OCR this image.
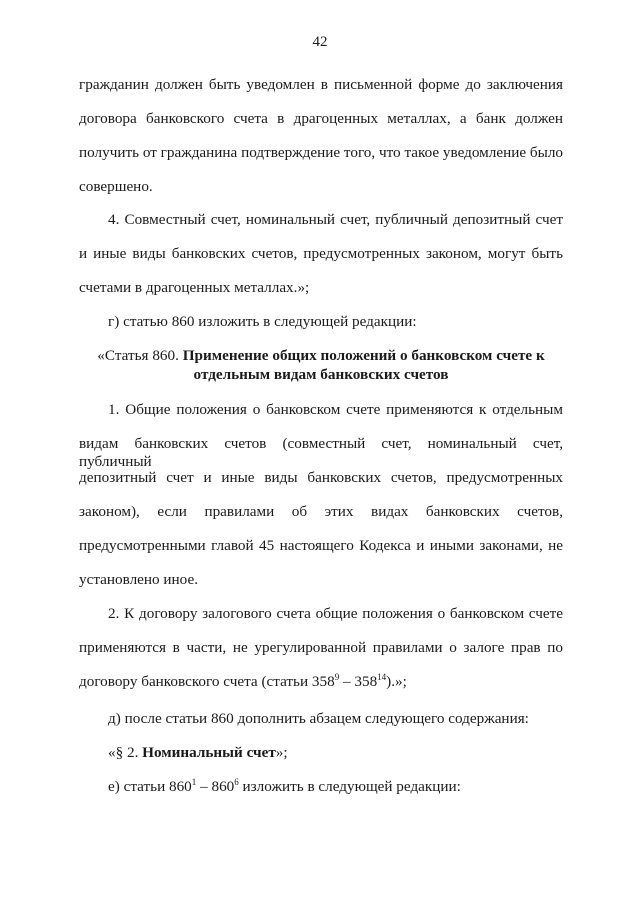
42
гражданин должен быть уведомлен в письменной форме до заключения
договора банковского счета в драгоценных металлах, а банк должен
получить от гражданина подтверждение того, что такое уведомление было
совершено.
4. Совместный счет, номинальный счет, публичный депозитный счет
и иные виды банковских счетов, предусмотренных законом, могут быть
счетами в драгоценных металлах.»;
г) статью 860 изложить в следующей редакции:
«Статья 860. Применение общих положений о банковском счете к
отдельным видам банковских счетов
1. Общие положения о банковском счете применяются к отдельным
видам банковских счетов (совместный счет, номинальный счет, публичный
депозитный счет и иные виды банковских счетов, предусмотренных
законом), если правилами об этих видах банковских счетов,
предусмотренными главой 45 настоящего Кодекса и иными законами, не
установлено иное.
2. К договору залогового счета общие положения о банковском счете
применяются в части, не урегулированной правилами о залоге прав по
договору банковского счета (статьи $358^9 - 358^{14}$).»;
д) после статьи 860 дополнить абзацем следующего содержания:
«§ 2. Номинальный счет»;
е) статьи $860^1 - 860^6$ изложить в следующей редакции:
